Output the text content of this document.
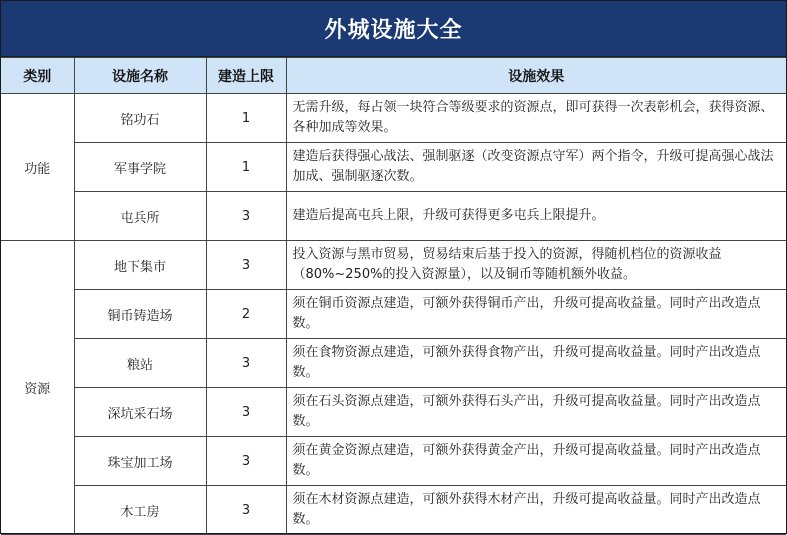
外城设施大全
类别	设施名称	建造上限	设施效果
功能	铭功石	1	无需升级，每占领一块符合等级要求的资源点，即可获得一次表彰机会，获得资源、各种加成等效果。
	军事学院	1	建造后获得强心战法、强制驱逐（改变资源点守军）两个指令，升级可提高强心战法加成、强制驱逐次数。
	屯兵所	3	建造后提高屯兵上限，升级可获得更多屯兵上限提升。
资源	地下集市	3	投入资源与黑市贸易，贸易结束后基于投入的资源，得随机档位的资源收益（80%~250%的投入资源量），以及铜币等随机额外收益。
	铜币铸造场	2	须在铜币资源点建造，可额外获得铜币产出，升级可提高收益量。同时产出改造点数。
	粮站	3	须在食物资源点建造，可额外获得食物产出，升级可提高收益量。同时产出改造点数。
	深坑采石场	3	须在石头资源点建造，可额外获得石头产出，升级可提高收益量。同时产出改造点数。
	珠宝加工场	3	须在黄金资源点建造，可额外获得黄金产出，升级可提高收益量。同时产出改造点数。
	木工房	3	须在木材资源点建造，可额外获得木材产出，升级可提高收益量。同时产出改造点数。
